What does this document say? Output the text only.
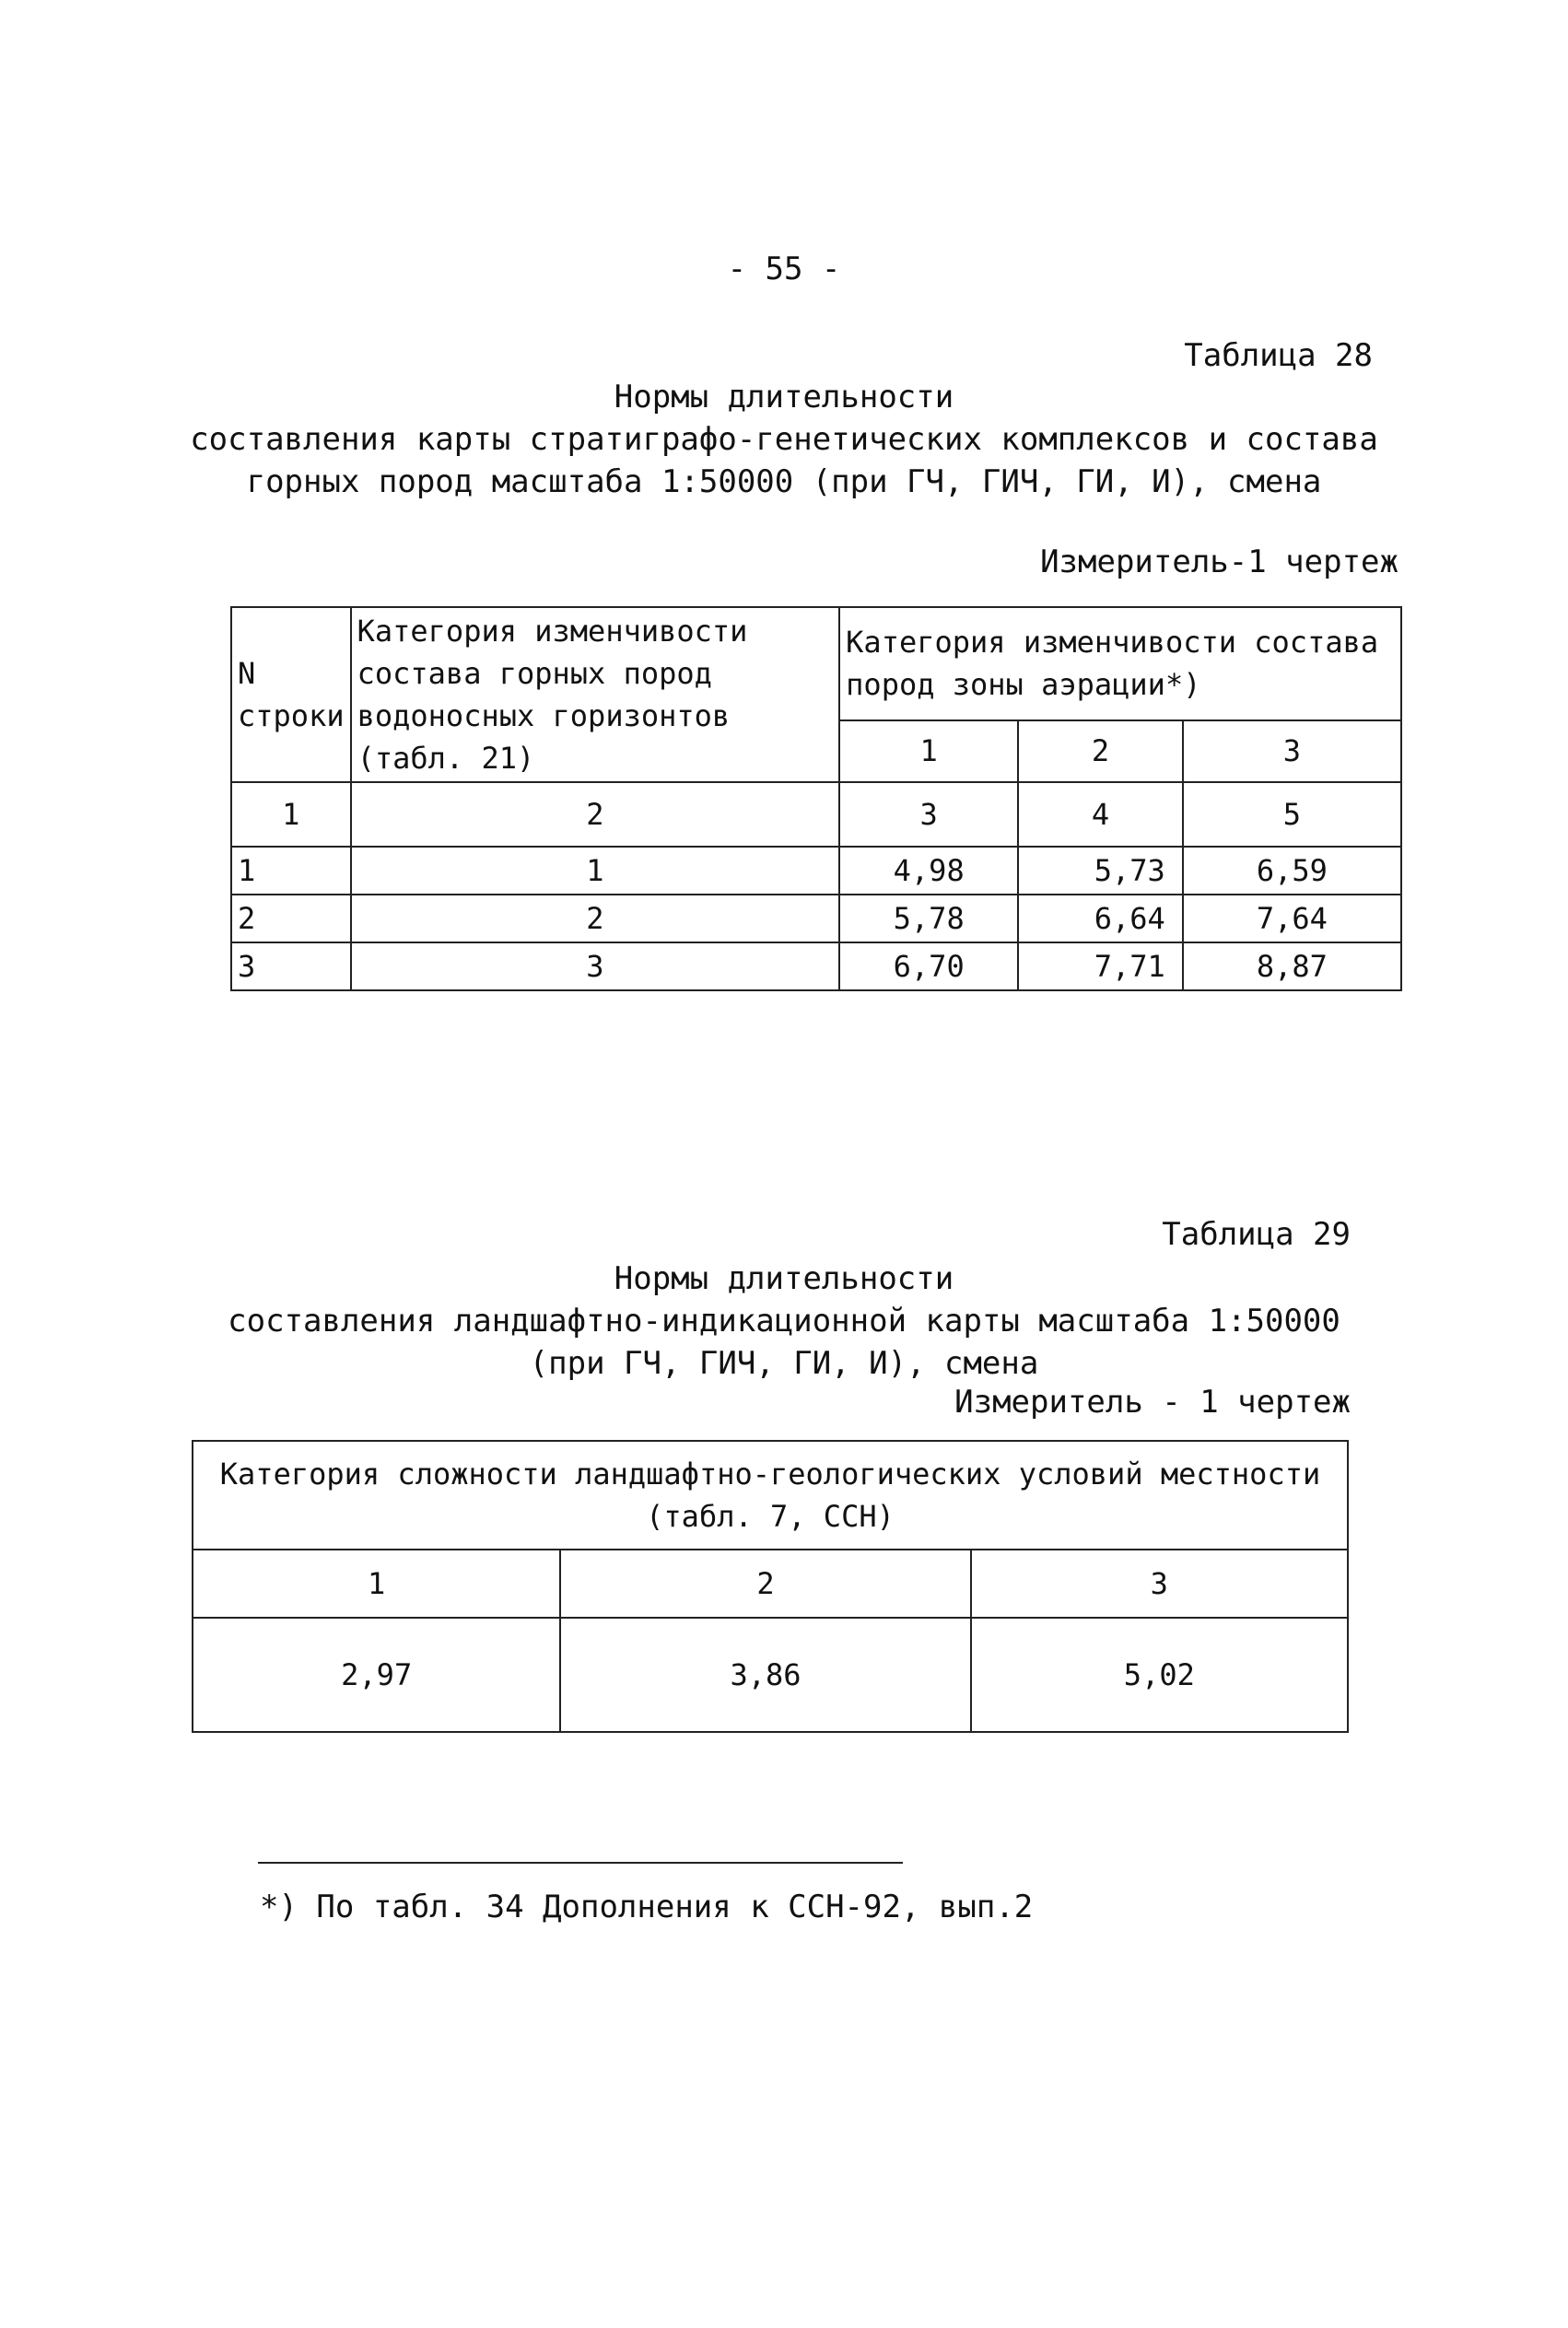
- 55 -
Таблица 28
Нормы длительности
составления карты стратиграфо-генетических комплексов и состава
горных пород масштаба 1:50000 (при ГЧ, ГИЧ, ГИ, И), смена
Измеритель-1 чертеж
N строки	Категория изменчивости состава горных пород водоносных горизонтов (табл. 21)	Категория изменчивости состава пород зоны аэрации*)		
		1	2	3
1	2	3	4	5
1	1	4,98	5,73	6,59
2	2	5,78	6,64	7,64
3	3	6,70	7,71	8,87
Таблица 29
Нормы длительности
составления ландшафтно-индикационной карты масштаба 1:50000
(при ГЧ, ГИЧ, ГИ, И), смена
Измеритель - 1 чертеж
Категория сложности ландшафтно-геологических условий местности
(табл. 7, ССН)		

1	2	3
2,97	3,86	5,02
*) По табл. 34 Дополнения к ССН-92, вып.2
